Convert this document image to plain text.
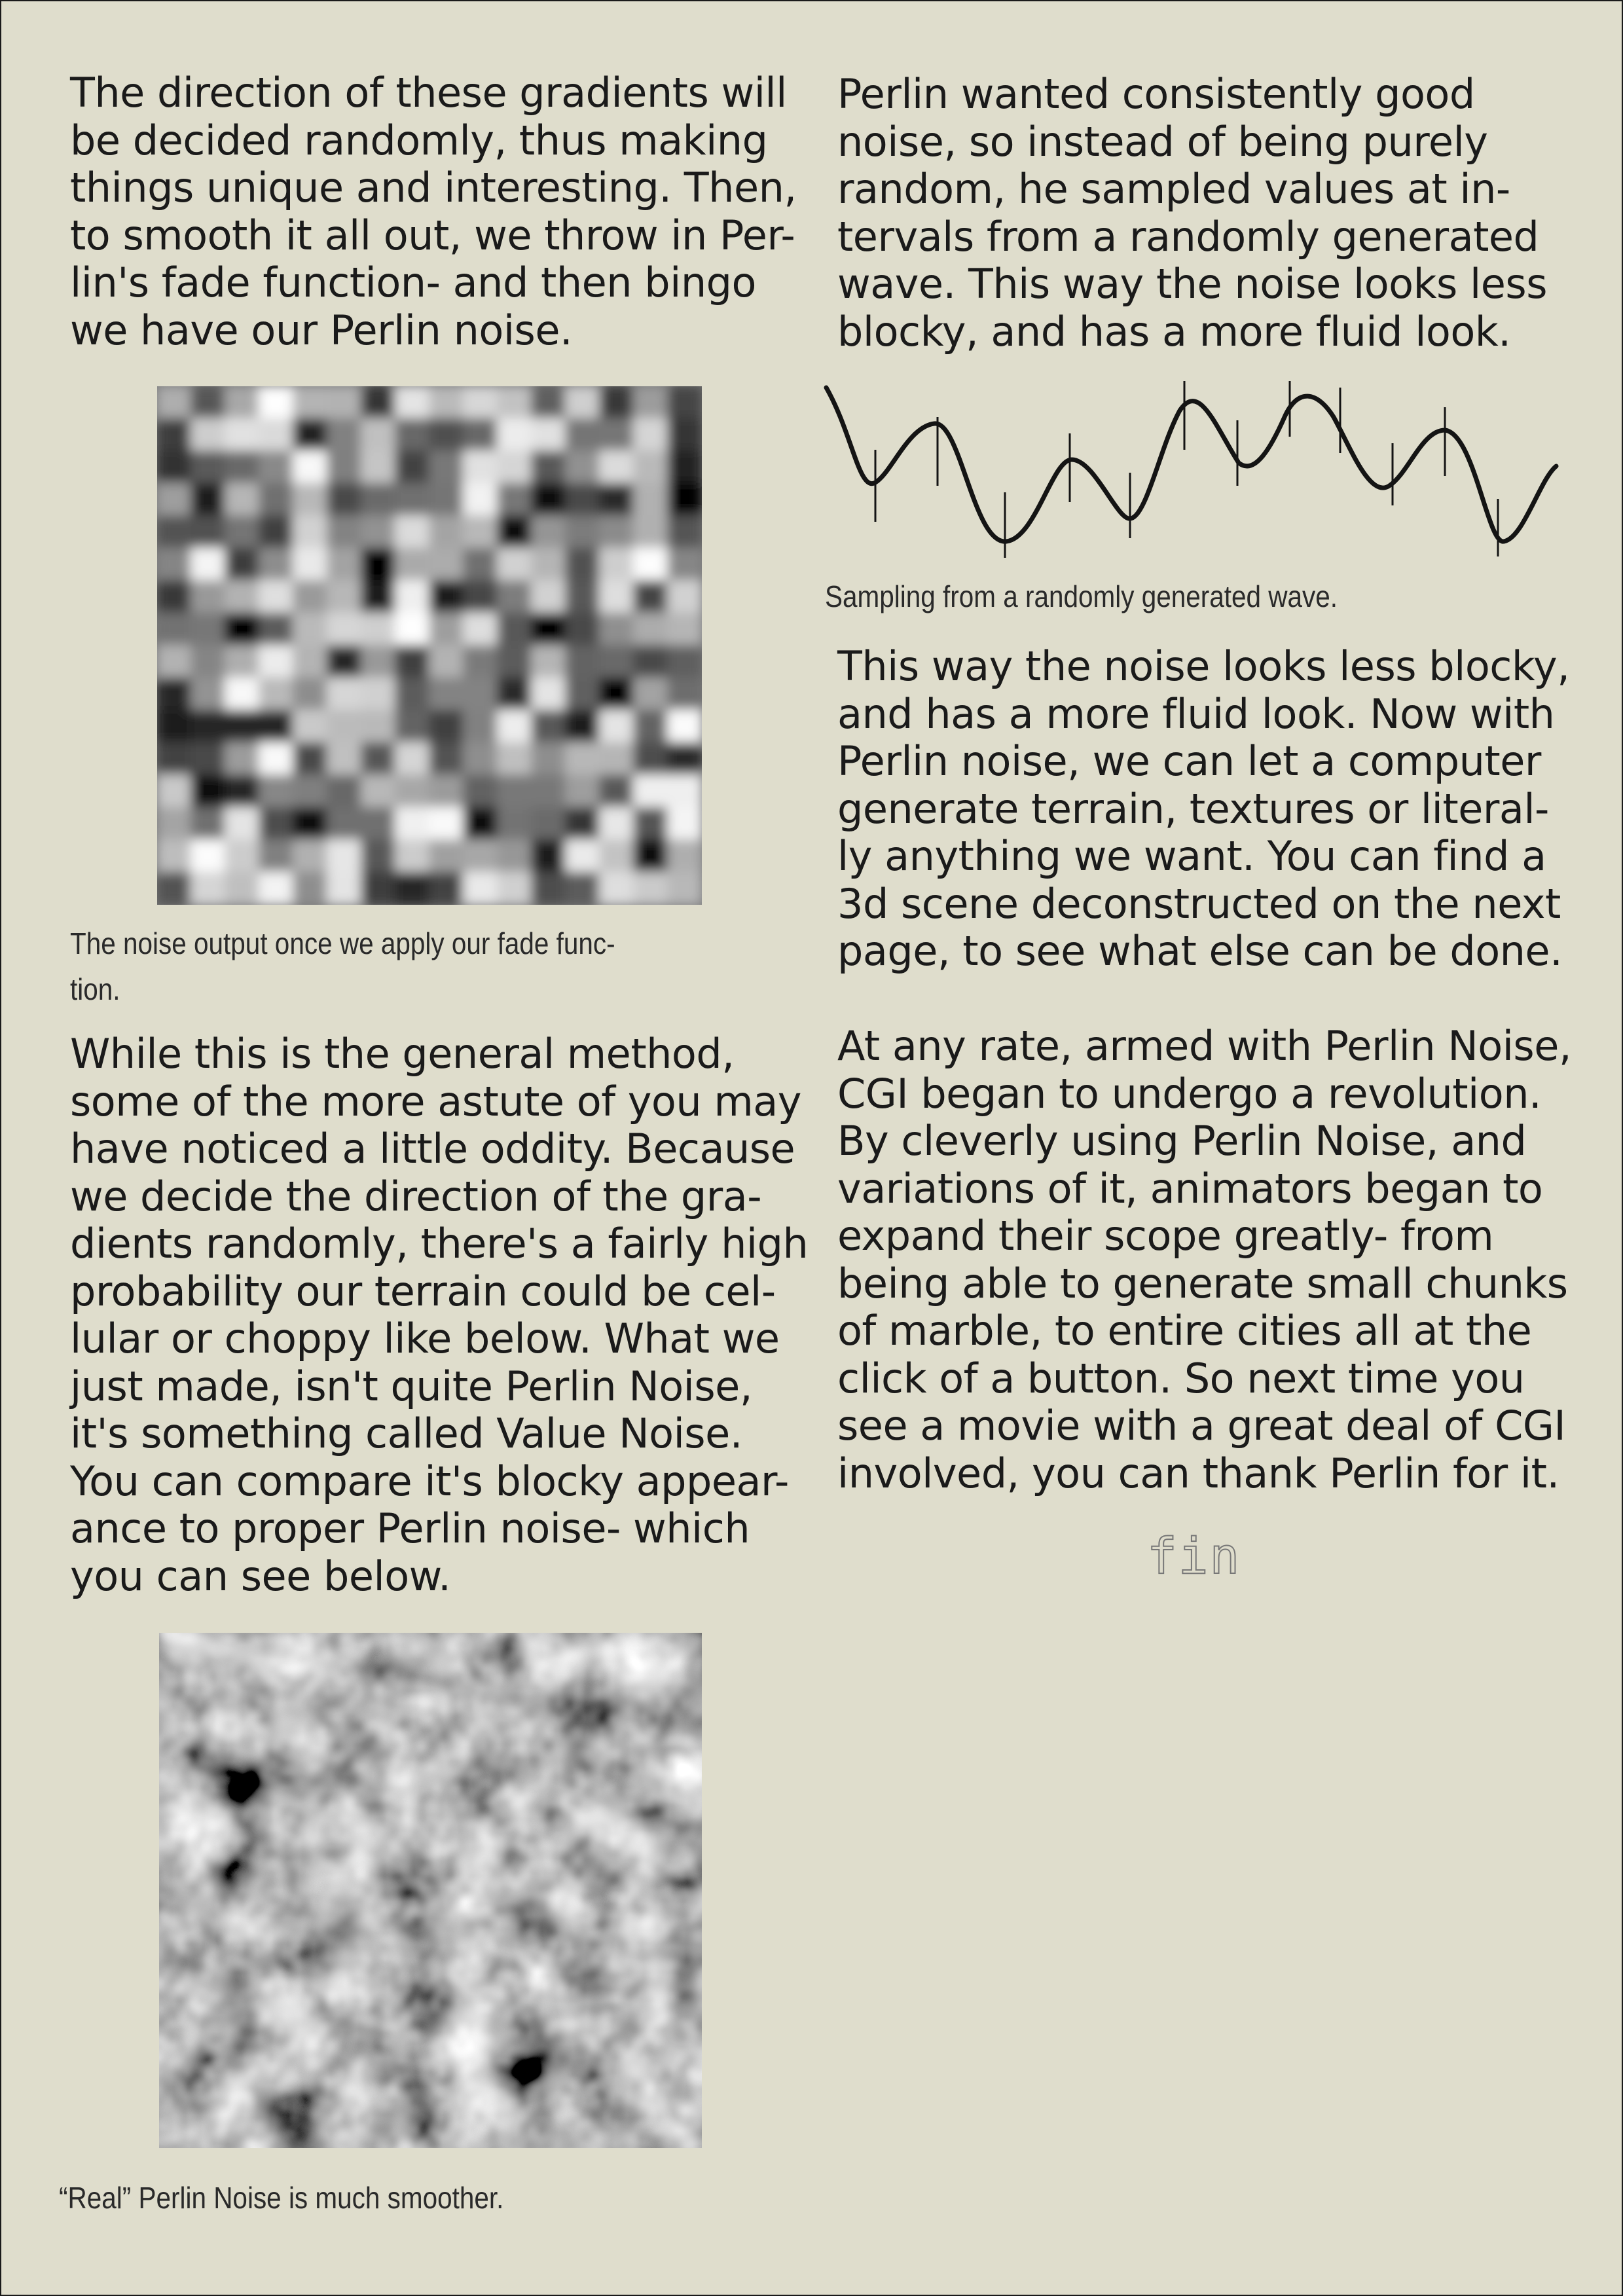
The direction of these gradients will
be decided randomly, thus making
things unique and interesting. Then,
to smooth it all out, we throw in Per-
lin's fade function- and then bingo
we have our Perlin noise.

The noise output once we apply our fade func-
tion.

While this is the general method,
some of the more astute of you may
have noticed a little oddity. Because
we decide the direction of the gra-
dients randomly, there's a fairly high
probability our terrain could be cel-
lular or choppy like below. What we
just made, isn't quite Perlin Noise,
it's something called Value Noise.
You can compare it's blocky appear-
ance to proper Perlin noise- which
you can see below.

“Real” Perlin Noise is much smoother.

Perlin wanted consistently good
noise, so instead of being purely
random, he sampled values at in-
tervals from a randomly generated
wave. This way the noise looks less
blocky, and has a more fluid look.

Sampling from a randomly generated wave.

This way the noise looks less blocky,
and has a more fluid look. Now with
Perlin noise, we can let a computer
generate terrain, textures or literal-
ly anything we want. You can find a
3d scene deconstructed on the next
page, to see what else can be done.

At any rate, armed with Perlin Noise,
CGI began to undergo a revolution.
By cleverly using Perlin Noise, and
variations of it, animators began to
expand their scope greatly- from
being able to generate small chunks
of marble, to entire cities all at the
click of a button. So next time you
see a movie with a great deal of CGI
involved, you can thank Perlin for it.

fin
